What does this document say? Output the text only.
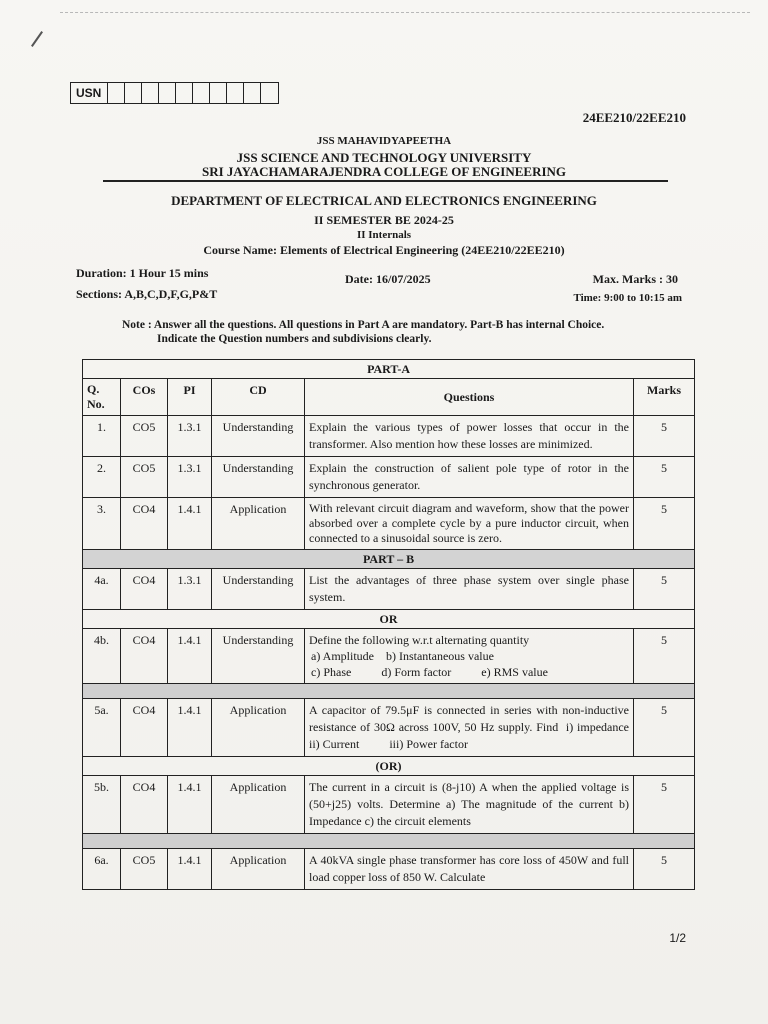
USN
24EE210/22EE210
JSS MAHAVIDYAPEETHA
JSS SCIENCE AND TECHNOLOGY UNIVERSITY
SRI JAYACHAMARAJENDRA COLLEGE OF ENGINEERING
DEPARTMENT OF ELECTRICAL AND ELECTRONICS ENGINEERING
II SEMESTER BE 2024-25
II Internals
Course Name: Elements of Electrical Engineering (24EE210/22EE210)
Duration: 1 Hour 15 mins
Sections: A,B,C,D,F,G,P&T
Date: 16/07/2025	Max. Marks : 30
Time: 9:00 to 10:15 am
Note : Answer all the questions. All questions in Part A are mandatory. Part-B has internal Choice.
Indicate the Question numbers and subdivisions clearly.
PART-A					
Q. No.	COs	PI	CD	Questions	Marks
1.	CO5	1.3.1	Understanding	Explain the various types of power losses that occur in the transformer. Also mention how these losses are minimized.	5
2.	CO5	1.3.1	Understanding	Explain the construction of salient pole type of rotor in the synchronous generator.	5
3.	CO4	1.4.1	Application	With relevant circuit diagram and waveform, show that the power absorbed over a complete cycle by a pure inductor circuit, when connected to a sinusoidal source is zero.	5
PART – B					
4a.	CO4	1.3.1	Understanding	List the advantages of three phase system over single phase system.	5
OR					
4b.	CO4	1.4.1	Understanding	Define the following w.r.t alternating quantity
a) Amplitude    b) Instantaneous value
c) Phase          d) Form factor          e) RMS value	5

5a.	CO4	1.4.1	Application	A capacitor of 79.5μF is connected in series with non-inductive resistance of 30Ω across 100V, 50 Hz supply. Find  i) impedance          ii) Current          iii) Power factor	5
(OR)					
5b.	CO4	1.4.1	Application	The current in a circuit is (8-j10) A when the applied voltage is (50+j25) volts. Determine a) The magnitude of the current b) Impedance c) the circuit elements	5

6a.	CO5	1.4.1	Application	A 40kVA single phase transformer has core loss of 450W and full load copper loss of 850 W. Calculate	5
1/2
